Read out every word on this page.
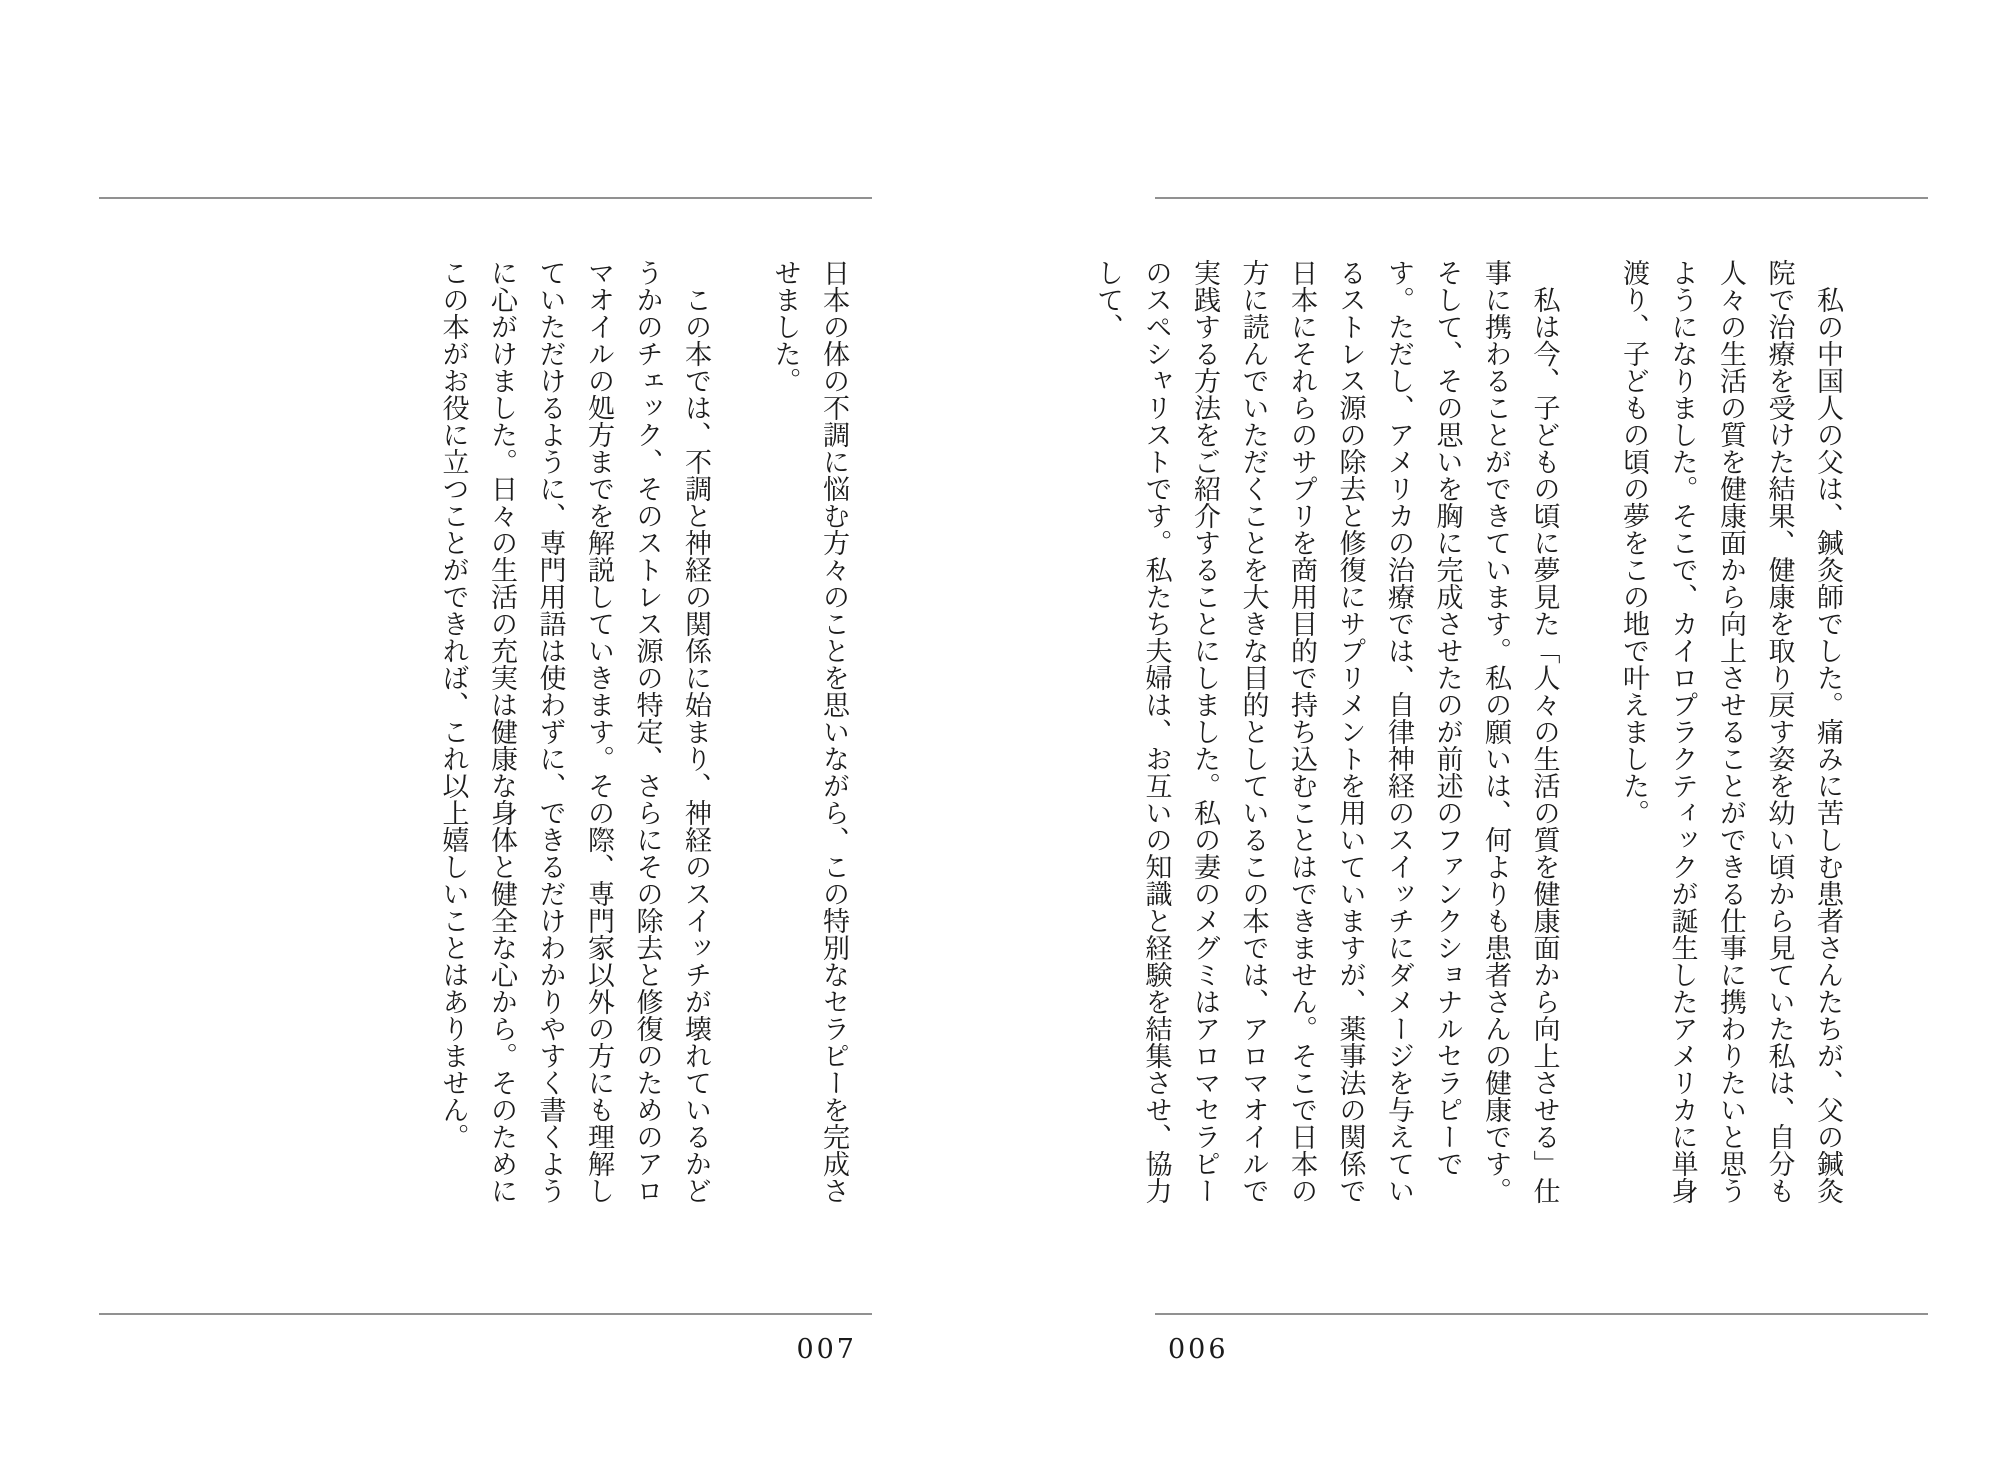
日本の体の不調に悩む方々のことを思いながら、この特別なセラピーを完成させました。

この本では、不調と神経の関係に始まり、神経のスイッチが壊れているかどうかのチェック、そのストレス源の特定、さらにその除去と修復のためのアロマオイルの処方までを解説していきます。その際、専門家以外の方にも理解していただけるように、専門用語は使わずに、できるだけわかりやすく書くように心がけました。日々の生活の充実は健康な身体と健全な心から。そのためにこの本がお役に立つことができれば、これ以上嬉しいことはありません。

007

私の中国人の父は、鍼灸師でした。痛みに苦しむ患者さんたちが、父の鍼灸院で治療を受けた結果、健康を取り戻す姿を幼い頃から見ていた私は、自分も人々の生活の質を健康面から向上させることができる仕事に携わりたいと思うようになりました。そこで、カイロプラクティックが誕生したアメリカに単身渡り、子どもの頃の夢をこの地で叶えました。

私は今、子どもの頃に夢見た「人々の生活の質を健康面から向上させる」仕事に携わることができています。私の願いは、何よりも患者さんの健康です。そして、その思いを胸に完成させたのが前述のファンクショナルセラピーです。ただし、アメリカの治療では、自律神経のスイッチにダメージを与えているストレス源の除去と修復にサプリメントを用いていますが、薬事法の関係で日本にそれらのサプリを商用目的で持ち込むことはできません。そこで日本の方に読んでいただくことを大きな目的としているこの本では、アロマオイルで実践する方法をご紹介することにしました。私の妻のメグミはアロマセラピーのスペシャリストです。私たち夫婦は、お互いの知識と経験を結集させ、協力して、

006
